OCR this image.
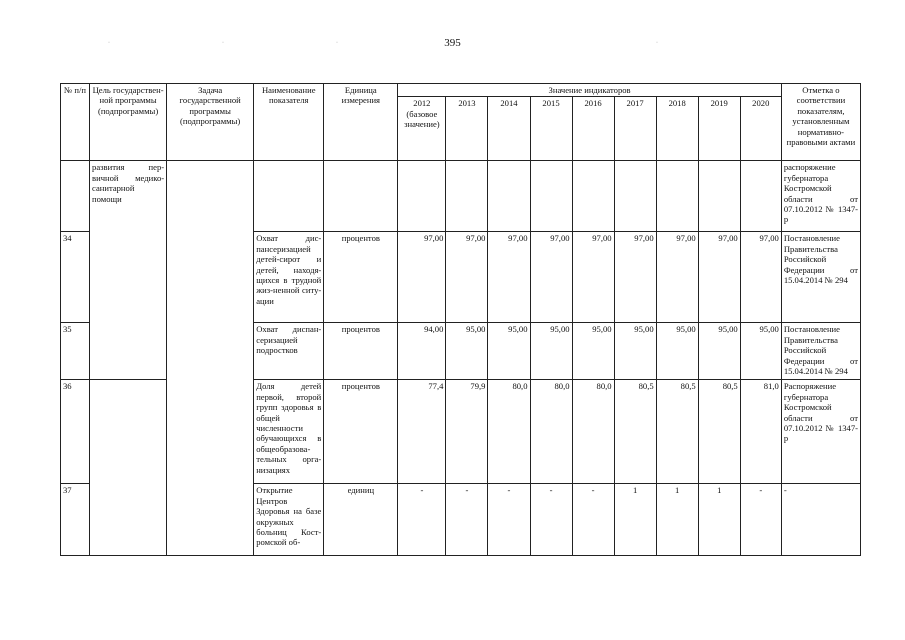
395
·	·	·	·
№ п/п	Цель государствен-ной программы (подпрограммы)	Задача государственной программы (подпрограммы)	Наименование показателя	Единица измерения	Значение индикаторов									Отметка о соответствии показателям, установленным нормативно-правовыми актами
					2012 (базовое значение)	2013	2014	2015	2016	2017	2018	2019	2020	
	развития пер-вичной медико-санитарной помощи													распоряжение губернатора Костромской области от 07.10.2012 № 1347-р
34			Охват дис-пансеризацией детей-сирот и детей, находя-щихся в трудной жиз-ненной ситу-ации	процентов	97,00	97,00	97,00	97,00	97,00	97,00	97,00	97,00	97,00	Постановление Правительства Российской Федерации от 15.04.2014 № 294
35			Охват диспан-серизацией подростков	процентов	94,00	95,00	95,00	95,00	95,00	95,00	95,00	95,00	95,00	Постановление Правительства Российской Федерации от 15.04.2014 № 294
36			Доля детей первой, второй групп здоровья в общей численности обучающихся в общеобразова-тельных орга-низациях	процентов	77,4	79,9	80,0	80,0	80,0	80,5	80,5	80,5	81,0	Распоряжение губернатора Костромской области от 07.10.2012 № 1347-р
37			Открытие Центров Здоровья на базе окружных больниц Кост-ромской об-	единиц	-	-	-	-	-	1	1	1	-	-
